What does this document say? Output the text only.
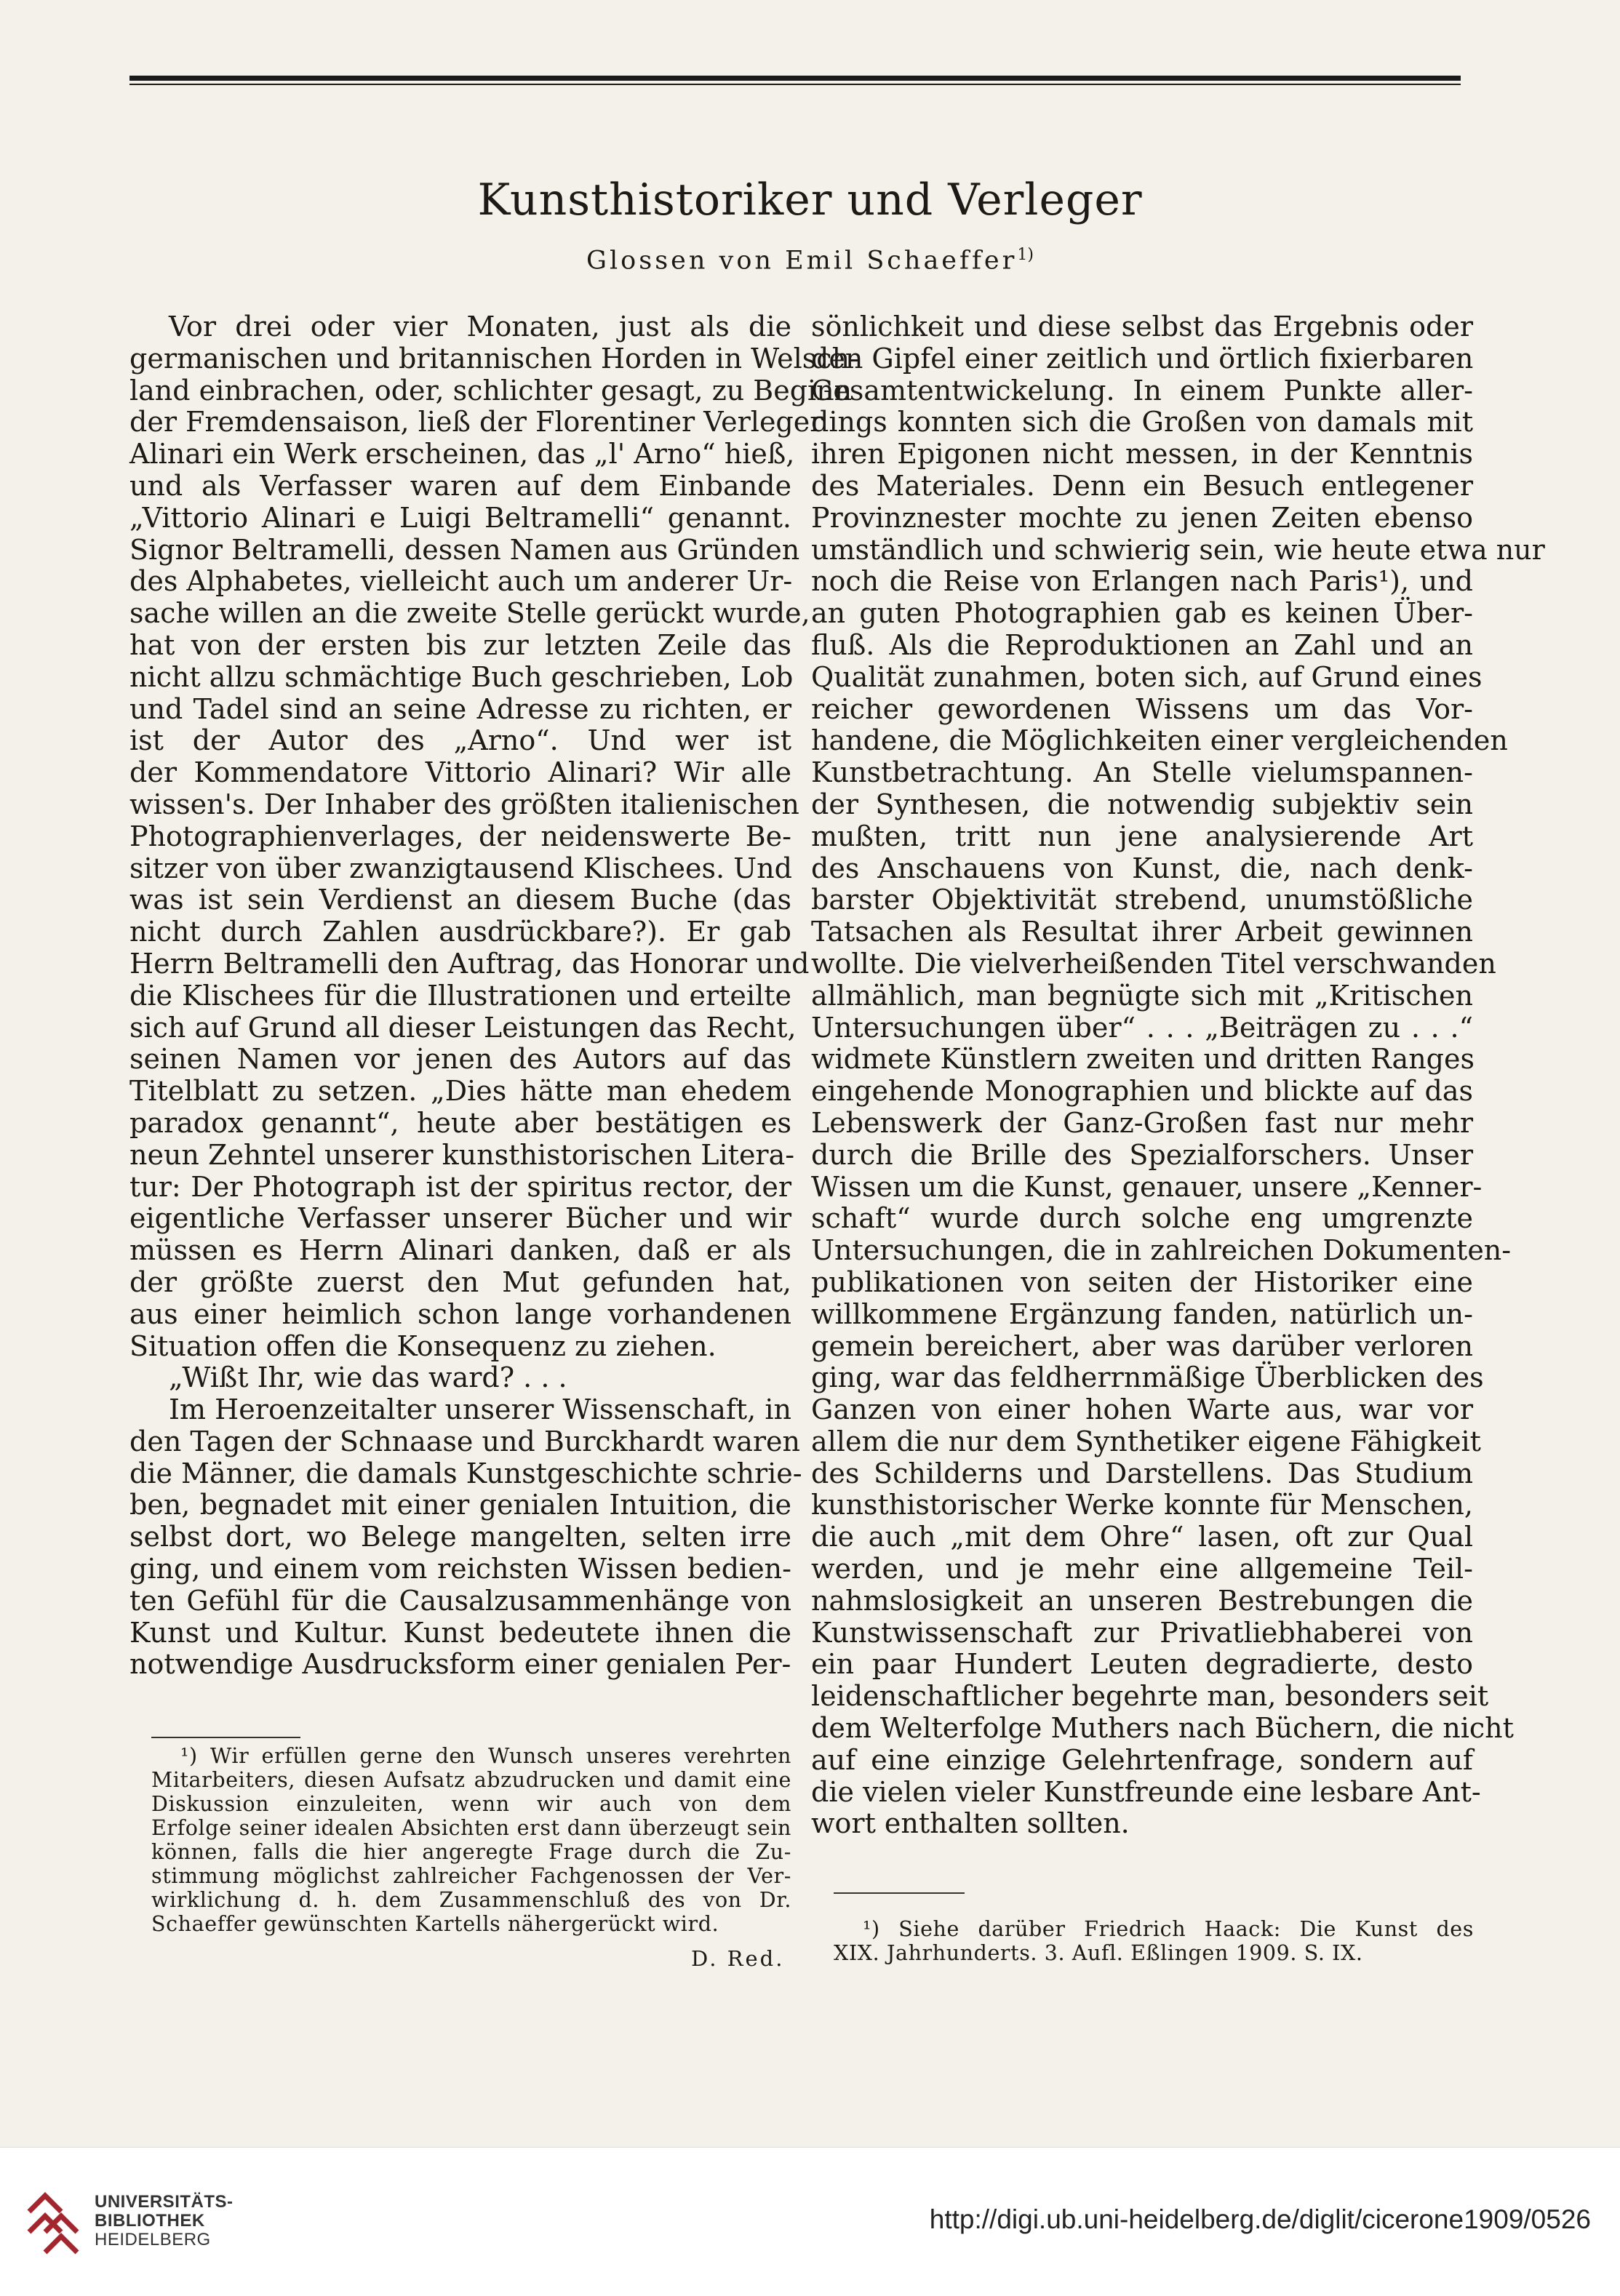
Kunsthistoriker und Verleger
Glossen von Emil Schaeffer$^{1)}$
Vor drei oder vier Monaten, just als die
germanischen und britannischen Horden in Welsch-
land einbrachen, oder, schlichter gesagt, zu Beginn
der Fremdensaison, ließ der Florentiner Verleger
Alinari ein Werk erscheinen, das „l' Arno“ hieß,
und als Verfasser waren auf dem Einbande
„Vittorio Alinari e Luigi Beltramelli“ genannt.
Signor Beltramelli, dessen Namen aus Gründen
des Alphabetes, vielleicht auch um anderer Ur-
sache willen an die zweite Stelle gerückt wurde,
hat von der ersten bis zur letzten Zeile das
nicht allzu schmächtige Buch geschrieben, Lob
und Tadel sind an seine Adresse zu richten, er
ist der Autor des „Arno“. Und wer ist
der Kommendatore Vittorio Alinari? Wir alle
wissen's. Der Inhaber des größten italienischen
Photographienverlages, der neidenswerte Be-
sitzer von über zwanzigtausend Klischees. Und
was ist sein Verdienst an diesem Buche (das
nicht durch Zahlen ausdrückbare?). Er gab
Herrn Beltramelli den Auftrag, das Honorar und
die Klischees für die Illustrationen und erteilte
sich auf Grund all dieser Leistungen das Recht,
seinen Namen vor jenen des Autors auf das
Titelblatt zu setzen. „Dies hätte man ehedem
paradox genannt“, heute aber bestätigen es
neun Zehntel unserer kunsthistorischen Litera-
tur: Der Photograph ist der spiritus rector, der
eigentliche Verfasser unserer Bücher und wir
müssen es Herrn Alinari danken, daß er als
der größte zuerst den Mut gefunden hat,
aus einer heimlich schon lange vorhandenen
Situation offen die Konsequenz zu ziehen.
„Wißt Ihr, wie das ward? . . .
Im Heroenzeitalter unserer Wissenschaft, in
den Tagen der Schnaase und Burckhardt waren
die Männer, die damals Kunstgeschichte schrie-
ben, begnadet mit einer genialen Intuition, die
selbst dort, wo Belege mangelten, selten irre
ging, und einem vom reichsten Wissen bedien-
ten Gefühl für die Causalzusammenhänge von
Kunst und Kultur. Kunst bedeutete ihnen die
notwendige Ausdrucksform einer genialen Per-
sönlichkeit und diese selbst das Ergebnis oder
den Gipfel einer zeitlich und örtlich fixierbaren
Gesamtentwickelung. In einem Punkte aller-
dings konnten sich die Großen von damals mit
ihren Epigonen nicht messen, in der Kenntnis
des Materiales. Denn ein Besuch entlegener
Provinznester mochte zu jenen Zeiten ebenso
umständlich und schwierig sein, wie heute etwa nur
noch die Reise von Erlangen nach Paris¹), und
an guten Photographien gab es keinen Über-
fluß. Als die Reproduktionen an Zahl und an
Qualität zunahmen, boten sich, auf Grund eines
reicher gewordenen Wissens um das Vor-
handene, die Möglichkeiten einer vergleichenden
Kunstbetrachtung. An Stelle vielumspannen-
der Synthesen, die notwendig subjektiv sein
mußten, tritt nun jene analysierende Art
des Anschauens von Kunst, die, nach denk-
barster Objektivität strebend, unumstößliche
Tatsachen als Resultat ihrer Arbeit gewinnen
wollte. Die vielverheißenden Titel verschwanden
allmählich, man begnügte sich mit „Kritischen
Untersuchungen über“ . . . „Beiträgen zu . . .“
widmete Künstlern zweiten und dritten Ranges
eingehende Monographien und blickte auf das
Lebenswerk der Ganz-Großen fast nur mehr
durch die Brille des Spezialforschers. Unser
Wissen um die Kunst, genauer, unsere „Kenner-
schaft“ wurde durch solche eng umgrenzte
Untersuchungen, die in zahlreichen Dokumenten-
publikationen von seiten der Historiker eine
willkommene Ergänzung fanden, natürlich un-
gemein bereichert, aber was darüber verloren
ging, war das feldherrnmäßige Überblicken des
Ganzen von einer hohen Warte aus, war vor
allem die nur dem Synthetiker eigene Fähigkeit
des Schilderns und Darstellens. Das Studium
kunsthistorischer Werke konnte für Menschen,
die auch „mit dem Ohre“ lasen, oft zur Qual
werden, und je mehr eine allgemeine Teil-
nahmslosigkeit an unseren Bestrebungen die
Kunstwissenschaft zur Privatliebhaberei von
ein paar Hundert Leuten degradierte, desto
leidenschaftlicher begehrte man, besonders seit
dem Welterfolge Muthers nach Büchern, die nicht
auf eine einzige Gelehrtenfrage, sondern auf
die vielen vieler Kunstfreunde eine lesbare Ant-
wort enthalten sollten.
¹) Wir erfüllen gerne den Wunsch unseres verehrten
Mitarbeiters, diesen Aufsatz abzudrucken und damit eine
Diskussion einzuleiten, wenn wir auch von dem
Erfolge seiner idealen Absichten erst dann überzeugt sein
können, falls die hier angeregte Frage durch die Zu-
stimmung möglichst zahlreicher Fachgenossen der Ver-
wirklichung d. h. dem Zusammenschluß des von Dr.
Schaeffer gewünschten Kartells nähergerückt wird.
D. Red.
¹) Siehe darüber Friedrich Haack: Die Kunst des
XIX. Jahrhunderts. 3. Aufl. Eßlingen 1909. S. IX.
UNIVERSITÄTS-
BIBLIOTHEK
HEIDELBERG
http://digi.ub.uni-heidelberg.de/diglit/cicerone1909/0526
